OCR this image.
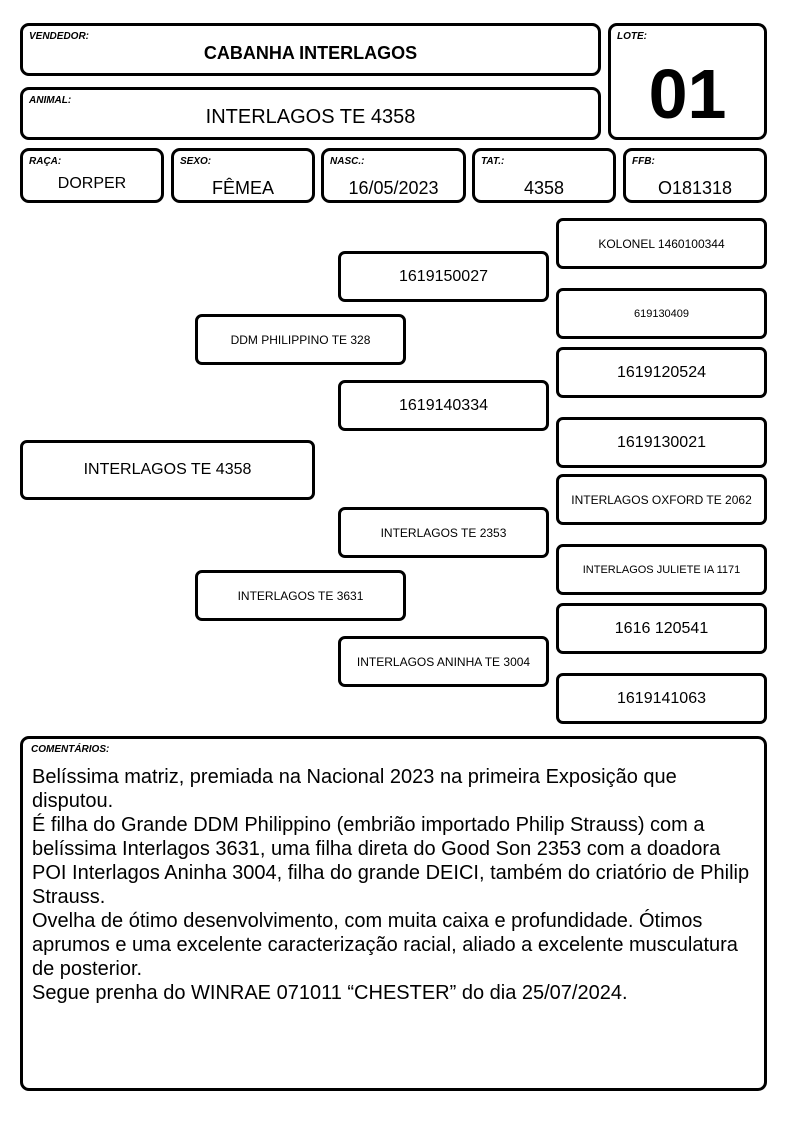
VENDEDOR:
CABANHA INTERLAGOS
ANIMAL:
INTERLAGOS TE 4358
LOTE:
01
RAÇA:
DORPER
SEXO:
FÊMEA
NASC.:
16/05/2023
TAT.:
4358
FFB:
O181318
INTERLAGOS TE 4358
DDM PHILIPPINO TE 328
INTERLAGOS TE 3631
1619150027
1619140334
INTERLAGOS TE 2353
INTERLAGOS ANINHA TE 3004
KOLONEL 1460100344
619130409
1619120524
1619130021
INTERLAGOS OXFORD TE 2062
INTERLAGOS JULIETE IA 1171
1616 120541
1619141063
COMENTÁRIOS:

Belíssima matriz, premiada na Nacional 2023 na primeira Exposição que disputou.

É filha do Grande DDM Philippino (embrião importado Philip Strauss) com a belíssima Interlagos 3631, uma filha direta do Good Son 2353 com a doadora POI Interlagos Aninha 3004, filha do grande DEICI, também do criatório de Philip Strauss.

Ovelha de ótimo desenvolvimento, com muita caixa e profundidade. Ótimos aprumos e uma excelente caracterização racial, aliado a excelente musculatura de posterior.

Segue prenha do WINRAE 071011 “CHESTER” do dia 25/07/2024.
